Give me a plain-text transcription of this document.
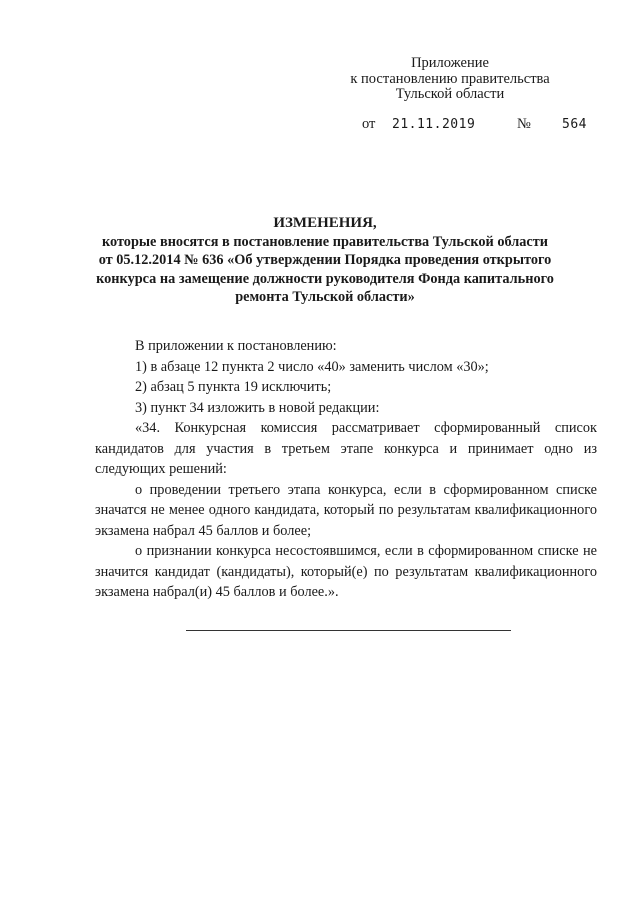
Приложение
к постановлению правительства
Тульской области
от 21.11.2019	№ 564
ИЗМЕНЕНИЯ,
которые вносятся в постановление правительства Тульской области
от 05.12.2014 № 636 «Об утверждении Порядка проведения открытого
конкурса на замещение должности руководителя Фонда капитального
ремонта Тульской области»

В приложении к постановлению:

1) в абзаце 12 пункта 2 число «40» заменить числом «30»;

2) абзац 5 пункта 19 исключить;

3) пункт 34 изложить в новой редакции:

«34. Конкурсная комиссия рассматривает сформированный список кандидатов для участия в третьем этапе конкурса и принимает одно из следующих решений:

о проведении третьего этапа конкурса, если в сформированном списке значатся не менее одного кандидата, который по результатам квалификационного экзамена набрал 45 баллов и более;

о признании конкурса несостоявшимся, если в сформированном списке не значится кандидат (кандидаты), который(е) по результатам квалификационного экзамена набрал(и) 45 баллов и более.».
